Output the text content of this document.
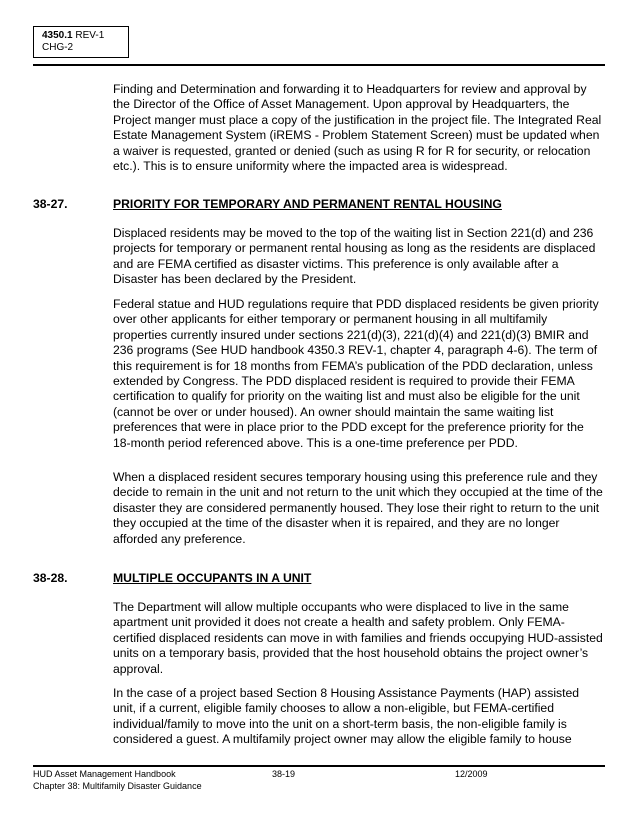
4350.1 REV-1
CHG-2

Finding and Determination and forwarding it to Headquarters for review and approval by the Director of the Office of Asset Management. Upon approval by Headquarters, the Project manger must place a copy of the justification in the project file. The Integrated Real Estate Management System (iREMS - Problem Statement Screen) must be updated when a waiver is requested, granted or denied (such as using R for R for security, or relocation etc.). This is to ensure uniformity where the impacted area is widespread.

38-27.	PRIORITY FOR TEMPORARY AND PERMANENT RENTAL HOUSING

Displaced residents may be moved to the top of the waiting list in Section 221(d) and 236 projects for temporary or permanent rental housing as long as the residents are displaced and are FEMA certified as disaster victims. This preference is only available after a Disaster has been declared by the President.

Federal statue and HUD regulations require that PDD displaced residents be given priority over other applicants for either temporary or permanent housing in all multifamily properties currently insured under sections 221(d)(3), 221(d)(4) and 221(d)(3) BMIR and 236 programs (See HUD handbook 4350.3 REV-1, chapter 4, paragraph 4-6). The term of this requirement is for 18 months from FEMA’s publication of the PDD declaration, unless extended by Congress. The PDD displaced resident is required to provide their FEMA certification to qualify for priority on the waiting list and must also be eligible for the unit (cannot be over or under housed). An owner should maintain the same waiting list preferences that were in place prior to the PDD except for the preference priority for the 18-month period referenced above. This is a one-time preference per PDD.

When a displaced resident secures temporary housing using this preference rule and they decide to remain in the unit and not return to the unit which they occupied at the time of the disaster they are considered permanently housed. They lose their right to return to the unit they occupied at the time of the disaster when it is repaired, and they are no longer afforded any preference.

38-28.	MULTIPLE OCCUPANTS IN A UNIT

The Department will allow multiple occupants who were displaced to live in the same apartment unit provided it does not create a health and safety problem. Only FEMA-certified displaced residents can move in with families and friends occupying HUD-assisted units on a temporary basis, provided that the host household obtains the project owner’s approval.

In the case of a project based Section 8 Housing Assistance Payments (HAP) assisted unit, if a current, eligible family chooses to allow a non-eligible, but FEMA-certified individual/family to move into the unit on a short-term basis, the non-eligible family is considered a guest. A multifamily project owner may allow the eligible family to house

HUD Asset Management Handbook	38-19	12/2009
Chapter 38: Multifamily Disaster Guidance
